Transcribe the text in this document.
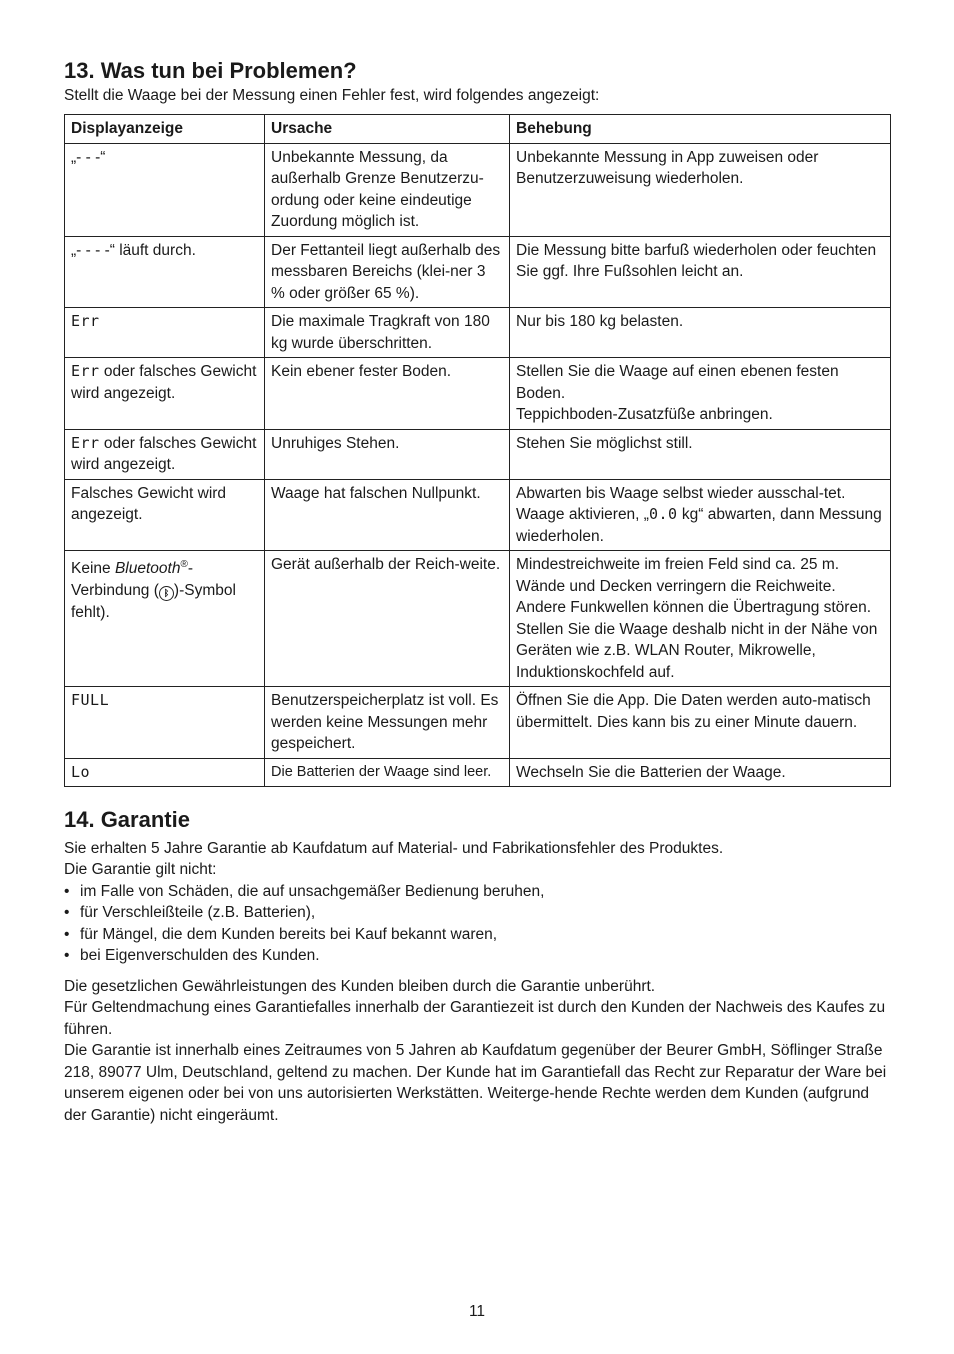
13. Was tun bei Problemen?

Stellt die Waage bei der Messung einen Fehler fest, wird folgendes angezeigt:

Displayanzeige	Ursache	Behebung
„- - -“	Unbekannte Messung, da außerhalb Grenze Benutzerzu-ordung oder keine eindeutige Zuordung möglich ist.	Unbekannte Messung in App zuweisen oder Benutzerzuweisung wiederholen.
„- - - -“ läuft durch.	Der Fettanteil liegt außerhalb des messbaren Bereichs (klei-ner 3 % oder größer 65 %).	Die Messung bitte barfuß wiederholen oder feuchten Sie ggf. Ihre Fußsohlen leicht an.
Err	Die maximale Tragkraft von 180 kg wurde überschritten.	Nur bis 180 kg belasten.
Err oder falsches Gewicht wird angezeigt.	Kein ebener fester Boden.	Stellen Sie die Waage auf einen ebenen festen Boden.
Teppichboden-Zusatzfüße anbringen.
Err oder falsches Gewicht wird angezeigt.	Unruhiges Stehen.	Stehen Sie möglichst still.
Falsches Gewicht wird angezeigt.	Waage hat falschen Nullpunkt.	Abwarten bis Waage selbst wieder ausschal-tet. Waage aktivieren, „0.0 kg“ abwarten, dann Messung wiederholen.
Keine Bluetooth®-Verbindung ( ᛒ )-Symbol fehlt).	Gerät außerhalb der Reich-weite.	Mindestreichweite im freien Feld sind ca. 25 m. Wände und Decken verringern die Reichweite.
Andere Funkwellen können die Übertragung stören. Stellen Sie die Waage deshalb nicht in der Nähe von Geräten wie z.B. WLAN Router, Mikrowelle, Induktionskochfeld auf.
FULL	Benutzerspeicherplatz ist voll. Es werden keine Messungen mehr gespeichert.	Öffnen Sie die App. Die Daten werden auto-matisch übermittelt. Dies kann bis zu einer Minute dauern.
Lo	Die Batterien der Waage sind leer.	Wechseln Sie die Batterien der Waage.
14. Garantie

Sie erhalten 5 Jahre Garantie ab Kaufdatum auf Material- und Fabrikationsfehler des Produktes.

Die Garantie gilt nicht:

• im Falle von Schäden, die auf unsachgemäßer Bedienung beruhen,
• für Verschleißteile (z.B. Batterien),
• für Mängel, die dem Kunden bereits bei Kauf bekannt waren,
• bei Eigenverschulden des Kunden.

Die gesetzlichen Gewährleistungen des Kunden bleiben durch die Garantie unberührt.

Für Geltendmachung eines Garantiefalles innerhalb der Garantiezeit ist durch den Kunden der Nachweis des Kaufes zu führen.

Die Garantie ist innerhalb eines Zeitraumes von 5 Jahren ab Kaufdatum gegenüber der Beurer GmbH, Söflinger Straße 218, 89077 Ulm, Deutschland, geltend zu machen. Der Kunde hat im Garantiefall das Recht zur Reparatur der Ware bei unserem eigenen oder bei von uns autorisierten Werkstätten. Weiterge-hende Rechte werden dem Kunden (aufgrund der Garantie) nicht eingeräumt.

11
